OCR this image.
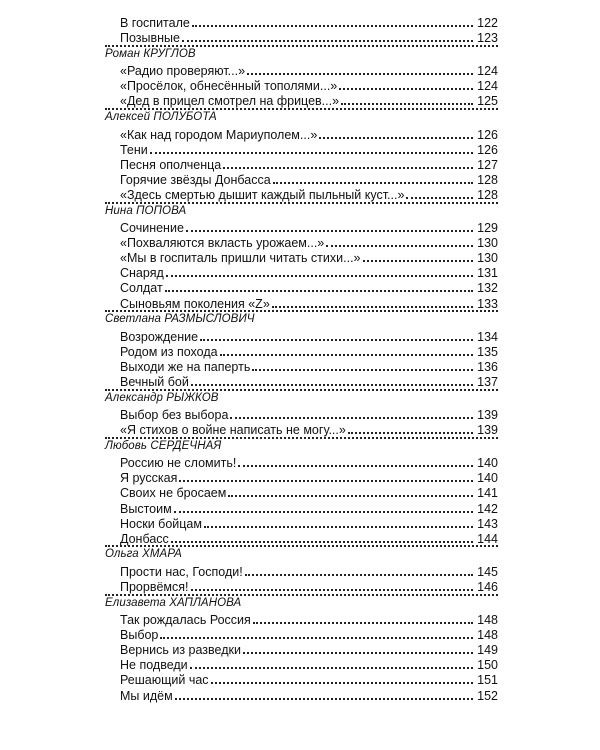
В госпитале	122
Позывные	123
Роман КРУГЛОВ
«Радио проверяют...»	124
«Просёлок, обнесённый тополями...»	124
«Дед в прицел смотрел на фрицев...»	125
Алексей ПОЛУБОТА
«Как над городом Мариуполем...»	126
Тени	126
Песня ополченца	127
Горячие звёзды Донбасса	128
«Здесь смертью дышит каждый пыльный куст...»	128
Нина ПОПОВА
Сочинение	129
«Похваляются вкласть урожаем...»	130
«Мы в госпиталь пришли читать стихи...»	130
Снаряд	131
Солдат	132
Сыновьям поколения «Z»	133
Светлана РАЗМЫСЛОВИЧ
Возрождение	134
Родом из похода	135
Выходи же на паперть	136
Вечный бой	137
Александр РЫЖКОВ
Выбор без выбора	139
«Я стихов о войне написать не могу...»	139
Любовь СЕРДЕЧНАЯ
Россию не сломить!	140
Я русская	140
Своих не бросаем	141
Выстоим	142
Носки бойцам	143
Донбасс	144
Ольга ХМАРА
Прости нас, Господи!	145
Прорвёмся!	146
Елизавета ХАПЛАНОВА
Так рождалась Россия	148
Выбор	148
Вернись из разведки	149
Не подведи	150
Решающий час	151
Мы идём	152
